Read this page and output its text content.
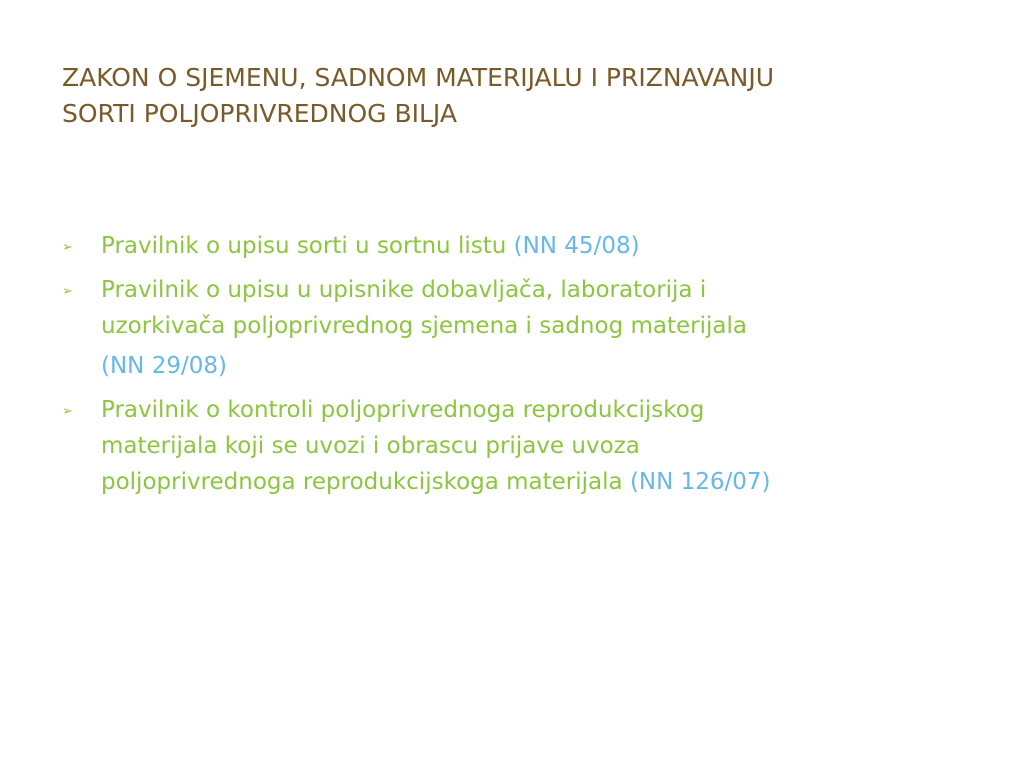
ZAKON O SJEMENU, SADNOM MATERIJALU I PRIZNAVANJU
SORTI POLJOPRIVREDNOG BILJA
➢ Pravilnik o upisu sorti u sortnu listu (NN 45/08)
➢ Pravilnik o upisu u upisnike dobavljača, laboratorija i
uzorkivača poljoprivrednog sjemena i sadnog materijala
(NN 29/08)
➢ Pravilnik o kontroli poljoprivrednoga reprodukcijskog
materijala koji se uvozi i obrascu prijave uvoza
poljoprivrednoga reprodukcijskoga materijala (NN 126/07)
